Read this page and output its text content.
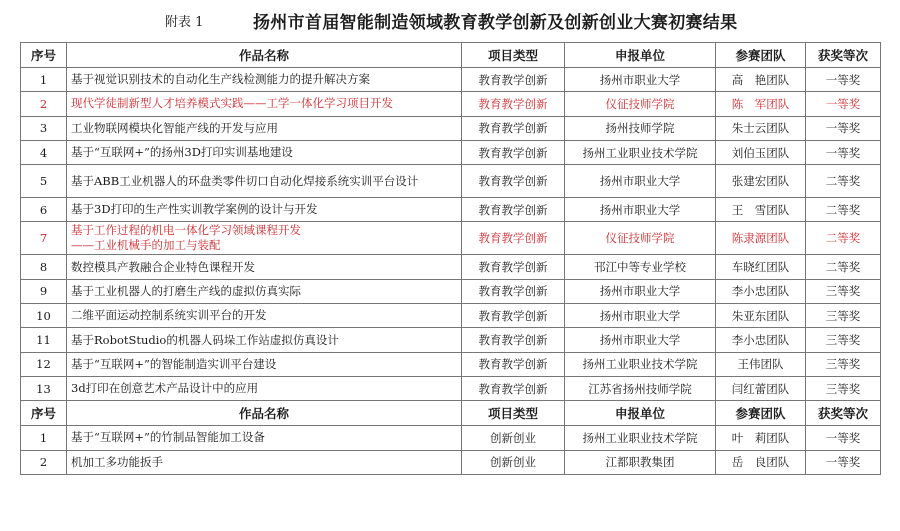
附表 1	扬州市首届智能制造领域教育教学创新及创新创业大赛初赛结果
序号	作品名称	项目类型	申报单位	参赛团队	获奖等次
1	基于视觉识别技术的自动化生产线检测能力的提升解决方案	教育教学创新	扬州市职业大学	高　艳团队	一等奖
2	现代学徒制新型人才培养模式实践——工学一体化学习项目开发	教育教学创新	仪征技师学院	陈　军团队	一等奖
3	工业物联网模块化智能产线的开发与应用	教育教学创新	扬州技师学院	朱士云团队	一等奖
4	基于“互联网+”的扬州3D打印实训基地建设	教育教学创新	扬州工业职业技术学院	刘伯玉团队	一等奖
5	基于ABB工业机器人的环盘类零件切口自动化焊接系统实训平台设计	教育教学创新	扬州市职业大学	张建宏团队	二等奖
6	基于3D打印的生产性实训教学案例的设计与开发	教育教学创新	扬州市职业大学	王　雪团队	二等奖
7	基于工作过程的机电一体化学习领域课程开发
——工业机械手的加工与装配	教育教学创新	仪征技师学院	陈隶源团队	二等奖
8	数控模具产教融合企业特色课程开发	教育教学创新	邗江中等专业学校	车晓红团队	二等奖
9	基于工业机器人的打磨生产线的虚拟仿真实际	教育教学创新	扬州市职业大学	李小忠团队	三等奖
10	二维平面运动控制系统实训平台的开发	教育教学创新	扬州市职业大学	朱亚东团队	三等奖
11	基于RobotStudio的机器人码垛工作站虚拟仿真设计	教育教学创新	扬州市职业大学	李小忠团队	三等奖
12	基于“互联网+”的智能制造实训平台建设	教育教学创新	扬州工业职业技术学院	王伟团队	三等奖
13	3d打印在创意艺术产品设计中的应用	教育教学创新	江苏省扬州技师学院	闫红蕾团队	三等奖
序号	作品名称	项目类型	申报单位	参赛团队	获奖等次
1	基于“互联网+”的竹制品智能加工设备	创新创业	扬州工业职业技术学院	叶　莉团队	一等奖
2	机加工多功能扳手	创新创业	江都职教集团	岳　良团队	一等奖
